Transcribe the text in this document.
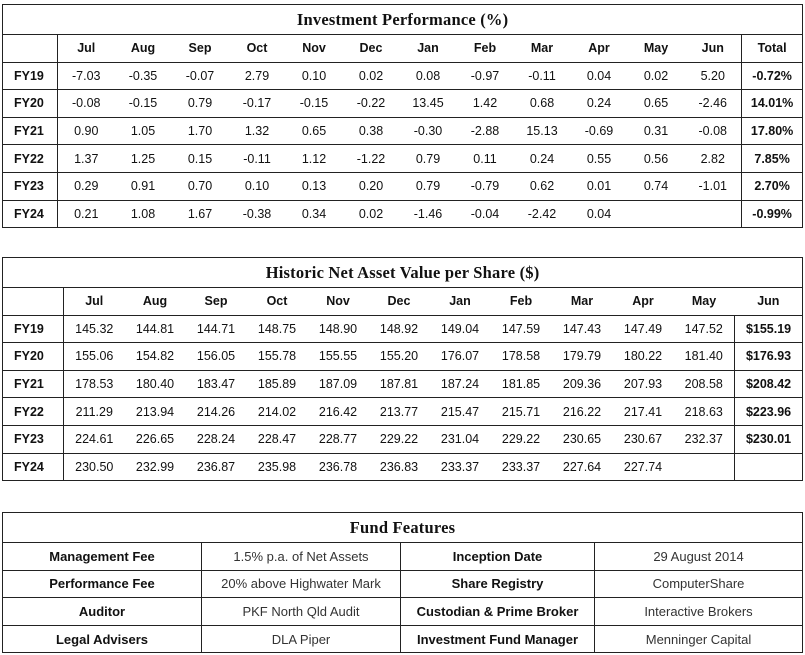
Investment Performance (%)													
	Jul	Aug	Sep	Oct	Nov	Dec	Jan	Feb	Mar	Apr	May	Jun	Total
FY19	-7.03	-0.35	-0.07	2.79	0.10	0.02	0.08	-0.97	-0.11	0.04	0.02	5.20	-0.72%
FY20	-0.08	-0.15	0.79	-0.17	-0.15	-0.22	13.45	1.42	0.68	0.24	0.65	-2.46	14.01%
FY21	0.90	1.05	1.70	1.32	0.65	0.38	-0.30	-2.88	15.13	-0.69	0.31	-0.08	17.80%
FY22	1.37	1.25	0.15	-0.11	1.12	-1.22	0.79	0.11	0.24	0.55	0.56	2.82	7.85%
FY23	0.29	0.91	0.70	0.10	0.13	0.20	0.79	-0.79	0.62	0.01	0.74	-1.01	2.70%
FY24	0.21	1.08	1.67	-0.38	0.34	0.02	-1.46	-0.04	-2.42	0.04			-0.99%
Historic Net Asset Value per Share ($)												
	Jul	Aug	Sep	Oct	Nov	Dec	Jan	Feb	Mar	Apr	May	Jun
FY19	145.32	144.81	144.71	148.75	148.90	148.92	149.04	147.59	147.43	147.49	147.52	$155.19
FY20	155.06	154.82	156.05	155.78	155.55	155.20	176.07	178.58	179.79	180.22	181.40	$176.93
FY21	178.53	180.40	183.47	185.89	187.09	187.81	187.24	181.85	209.36	207.93	208.58	$208.42
FY22	211.29	213.94	214.26	214.02	216.42	213.77	215.47	215.71	216.22	217.41	218.63	$223.96
FY23	224.61	226.65	228.24	228.47	228.77	229.22	231.04	229.22	230.65	230.67	232.37	$230.01
FY24	230.50	232.99	236.87	235.98	236.78	236.83	233.37	233.37	227.64	227.74		
Fund Features			
Management Fee	1.5% p.a. of Net Assets	Inception Date	29 August 2014
Performance Fee	20% above Highwater Mark	Share Registry	ComputerShare
Auditor	PKF North Qld Audit	Custodian & Prime Broker	Interactive Brokers
Legal Advisers	DLA Piper	Investment Fund Manager	Menninger Capital
